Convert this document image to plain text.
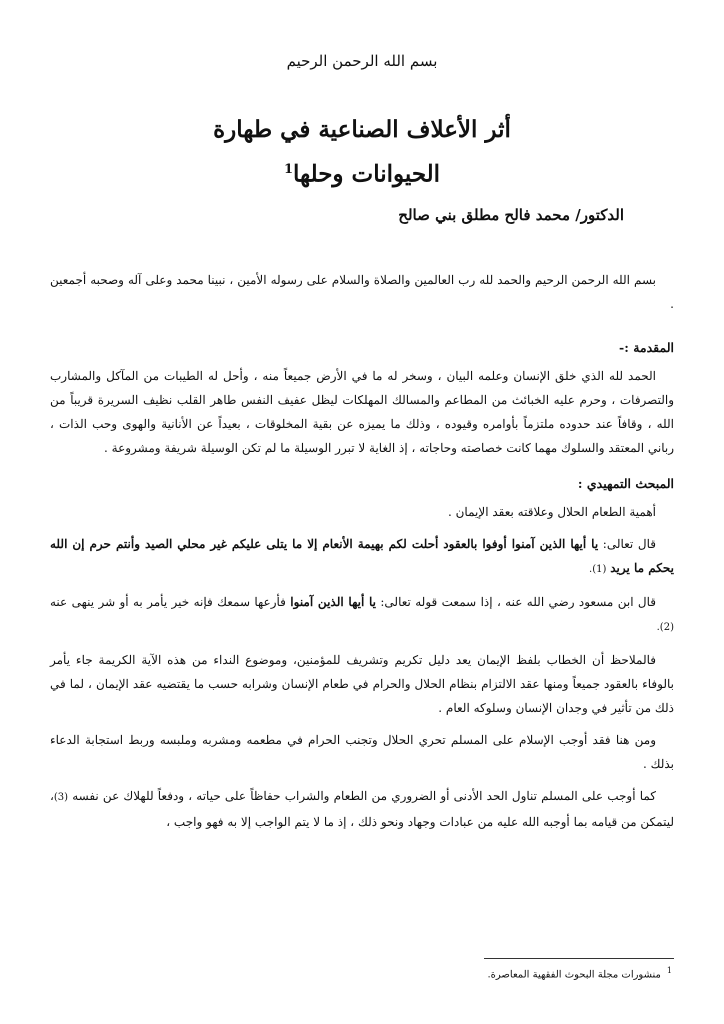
بسم الله الرحمن الرحيم
أثر الأعلاف الصناعية في طهارة
الحيوانات وحلها$^1$
الدكتور/ محمد فالح مطلق بني صالح

بسم الله الرحمن الرحيم والحمد لله رب العالمين والصلاة والسلام على رسوله الأمين ، نبينا محمد وعلى آله وصحبه أجمعين .

المقدمة :-

الحمد لله الذي خلق الإنسان وعلمه البيان ، وسخر له ما في الأرض جميعاً منه ، وأحل له الطيبات من المآكل والمشارب والتصرفات ، وحرم عليه الخبائث من المطاعم والمسالك المهلكات ليظل عفيف النفس طاهر القلب نظيف السريرة قريباً من الله ، وقافاً عند حدوده ملتزماً بأوامره وقيوده ، وذلك ما يميزه عن بقية المخلوقات ، بعيداً عن الأنانية والهوى وحب الذات ، رباني المعتقد والسلوك مهما كانت خصاصته وحاجاته ، إذ الغاية لا تبرر الوسيلة ما لم تكن الوسيلة شريفة ومشروعة .

المبحث التمهيدي :

أهمية الطعام الحلال وعلاقته بعقد الإيمان .

قال تعالى: يا أيها الذين آمنوا أوفوا بالعقود أحلت لكم بهيمة الأنعام إلا ما يتلى عليكم غير محلي الصيد وأنتم حرم إن الله يحكم ما يريد (1).

قال ابن مسعود رضي الله عنه ، إذا سمعت قوله تعالى: يا أيها الذين آمنوا فأرعها سمعك فإنه خير يأمر به أو شر ينهى عنه (2).

فالملاحظ أن الخطاب بلفظ الإيمان يعد دليل تكريم وتشريف للمؤمنين، وموضوع النداء من هذه الآية الكريمة جاء يأمر بالوفاء بالعقود جميعاً ومنها عقد الالتزام بنظام الحلال والحرام في طعام الإنسان وشرابه حسب ما يقتضيه عقد الإيمان ، لما في ذلك من تأثير في وجدان الإنسان وسلوكه العام .

ومن هنا فقد أوجب الإسلام على المسلم تحري الحلال وتجنب الحرام في مطعمه ومشربه وملبسه وربط استجابة الدعاء بذلك .

كما أوجب على المسلم تناول الحد الأدنى أو الضروري من الطعام والشراب حفاظاً على حياته ، ودفعاً للهلاك عن نفسه (3)، ليتمكن من قيامه بما أوجبه الله عليه من عبادات وجهاد ونحو ذلك ، إذ ما لا يتم الواجب إلا به فهو واجب ،

$^1$منشورات مجلة البحوث الفقهية المعاصرة.
